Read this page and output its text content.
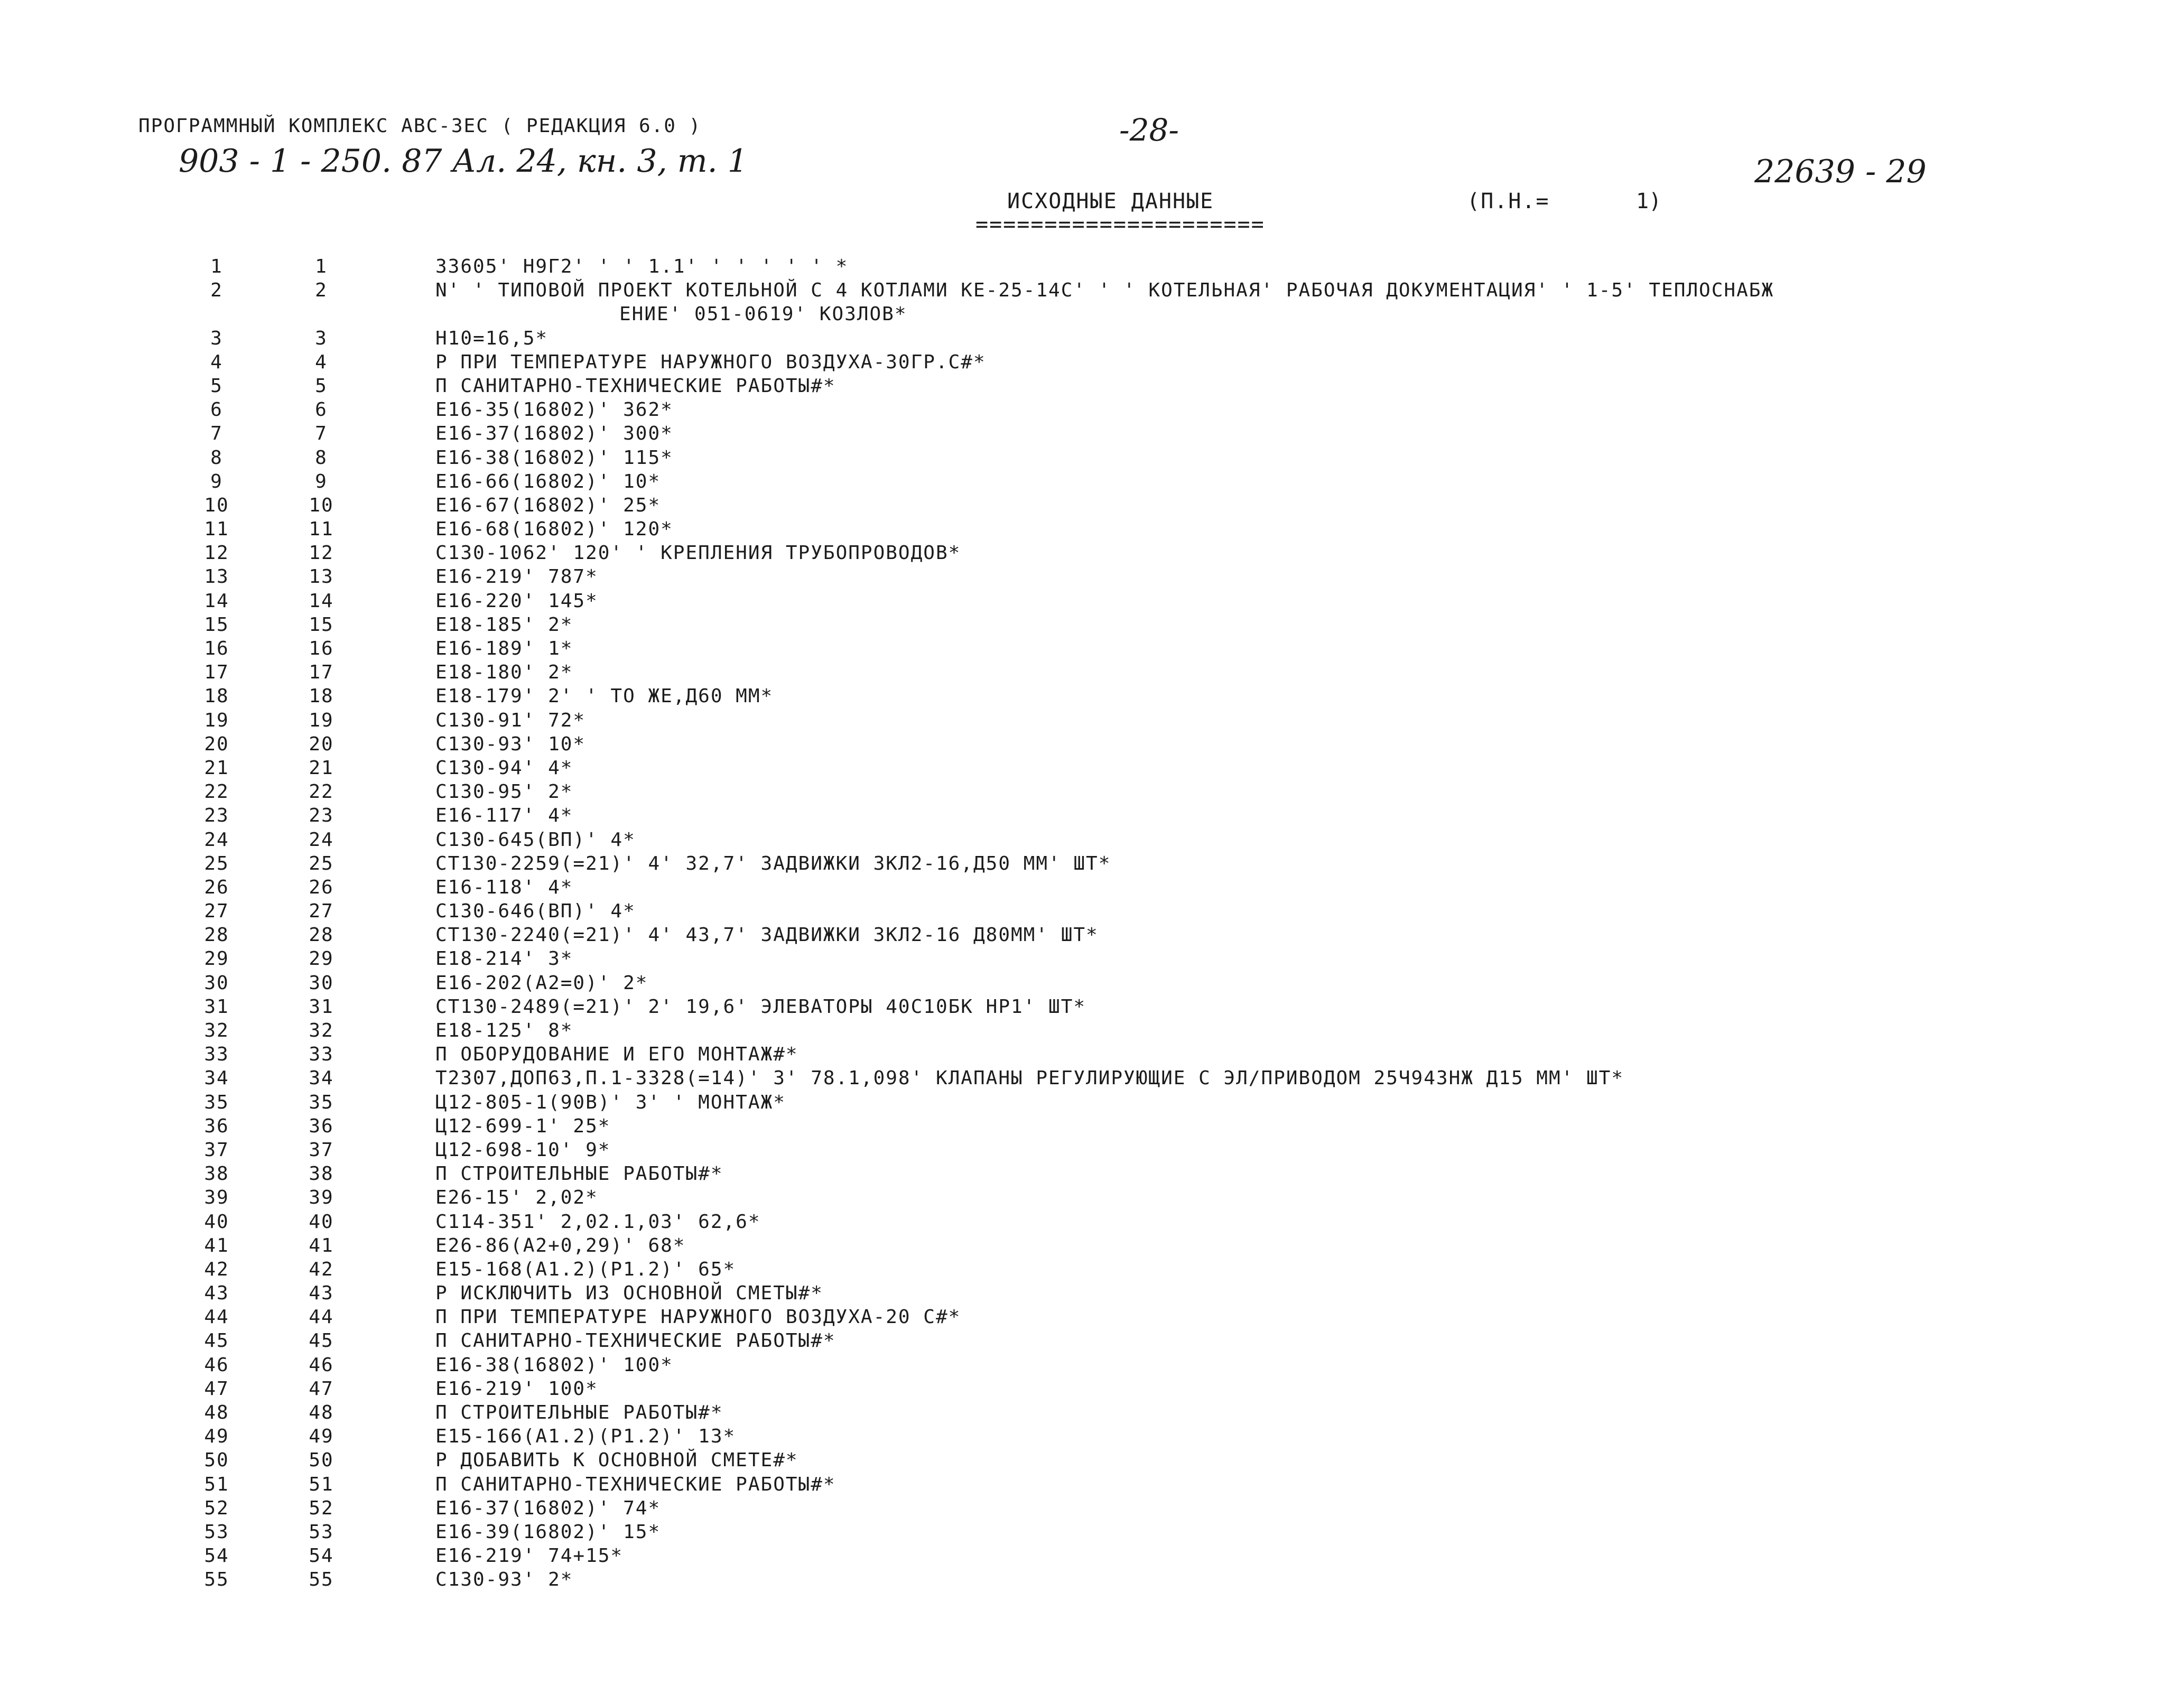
ПРОГРАММНЫЙ КОМПЛЕКС АВС-3ЕС ( РЕДАКЦИЯ 6.0 )	-28-
903 - 1 - 250. 87 Ал. 24, кн. 3, т. 1	22639 - 29
ИСХОДНЫЕ ДАННЫЕ
=====================
(П.Н.=	1)
1	1	33605' Н9Г2' ' ' 1.1' ' ' ' ' ' *
2	2	N' ' ТИПОВОЙ ПРОЕКТ КОТЕЛЬНОЙ С 4 КОТЛАМИ КЕ-25-14С' ' ' КОТЕЛЬНАЯ' РАБОЧАЯ ДОКУМЕНТАЦИЯ' ' 1-5' ТЕПЛОСНАБЖ
ЕНИЕ' 051-0619' КОЗЛОВ*
3	3	Н10=16,5*
4	4	Р ПРИ ТЕМПЕРАТУРЕ НАРУЖНОГО ВОЗДУХА-30ГР.С#*
5	5	П САНИТАРНО-ТЕХНИЧЕСКИЕ РАБОТЫ#*
6	6	Е16-35(16802)' 362*
7	7	Е16-37(16802)' 300*
8	8	Е16-38(16802)' 115*
9	9	Е16-66(16802)' 10*
10	10	Е16-67(16802)' 25*
11	11	Е16-68(16802)' 120*
12	12	С130-1062' 120' ' КРЕПЛЕНИЯ ТРУБОПРОВОДОВ*
13	13	Е16-219' 787*
14	14	Е16-220' 145*
15	15	Е18-185' 2*
16	16	Е16-189' 1*
17	17	Е18-180' 2*
18	18	Е18-179' 2' ' ТО ЖЕ,Д60 ММ*
19	19	С130-91' 72*
20	20	С130-93' 10*
21	21	С130-94' 4*
22	22	С130-95' 2*
23	23	Е16-117' 4*
24	24	С130-645(ВП)' 4*
25	25	СТ130-2259(=21)' 4' 32,7' ЗАДВИЖКИ ЗКЛ2-16,Д50 ММ' ШТ*
26	26	Е16-118' 4*
27	27	С130-646(ВП)' 4*
28	28	СТ130-2240(=21)' 4' 43,7' ЗАДВИЖКИ ЗКЛ2-16 Д80ММ' ШТ*
29	29	Е18-214' 3*
30	30	Е16-202(А2=0)' 2*
31	31	СТ130-2489(=21)' 2' 19,6' ЭЛЕВАТОРЫ 40С10БК НР1' ШТ*
32	32	Е18-125' 8*
33	33	П ОБОРУДОВАНИЕ И ЕГО МОНТАЖ#*
34	34	Т2307,ДОП63,П.1-3328(=14)' 3' 78.1,098' КЛАПАНЫ РЕГУЛИРУЮЩИЕ С ЭЛ/ПРИВОДОМ 25Ч943НЖ Д15 ММ' ШТ*
35	35	Ц12-805-1(90В)' 3' ' МОНТАЖ*
36	36	Ц12-699-1' 25*
37	37	Ц12-698-10' 9*
38	38	П СТРОИТЕЛЬНЫЕ РАБОТЫ#*
39	39	Е26-15' 2,02*
40	40	С114-351' 2,02.1,03' 62,6*
41	41	Е26-86(А2+0,29)' 68*
42	42	Е15-168(А1.2)(Р1.2)' 65*
43	43	Р ИСКЛЮЧИТЬ ИЗ ОСНОВНОЙ СМЕТЫ#*
44	44	П ПРИ ТЕМПЕРАТУРЕ НАРУЖНОГО ВОЗДУХА-20 С#*
45	45	П САНИТАРНО-ТЕХНИЧЕСКИЕ РАБОТЫ#*
46	46	Е16-38(16802)' 100*
47	47	Е16-219' 100*
48	48	П СТРОИТЕЛЬНЫЕ РАБОТЫ#*
49	49	Е15-166(А1.2)(Р1.2)' 13*
50	50	Р ДОБАВИТЬ К ОСНОВНОЙ СМЕТЕ#*
51	51	П САНИТАРНО-ТЕХНИЧЕСКИЕ РАБОТЫ#*
52	52	Е16-37(16802)' 74*
53	53	Е16-39(16802)' 15*
54	54	Е16-219' 74+15*
55	55	С130-93' 2*
